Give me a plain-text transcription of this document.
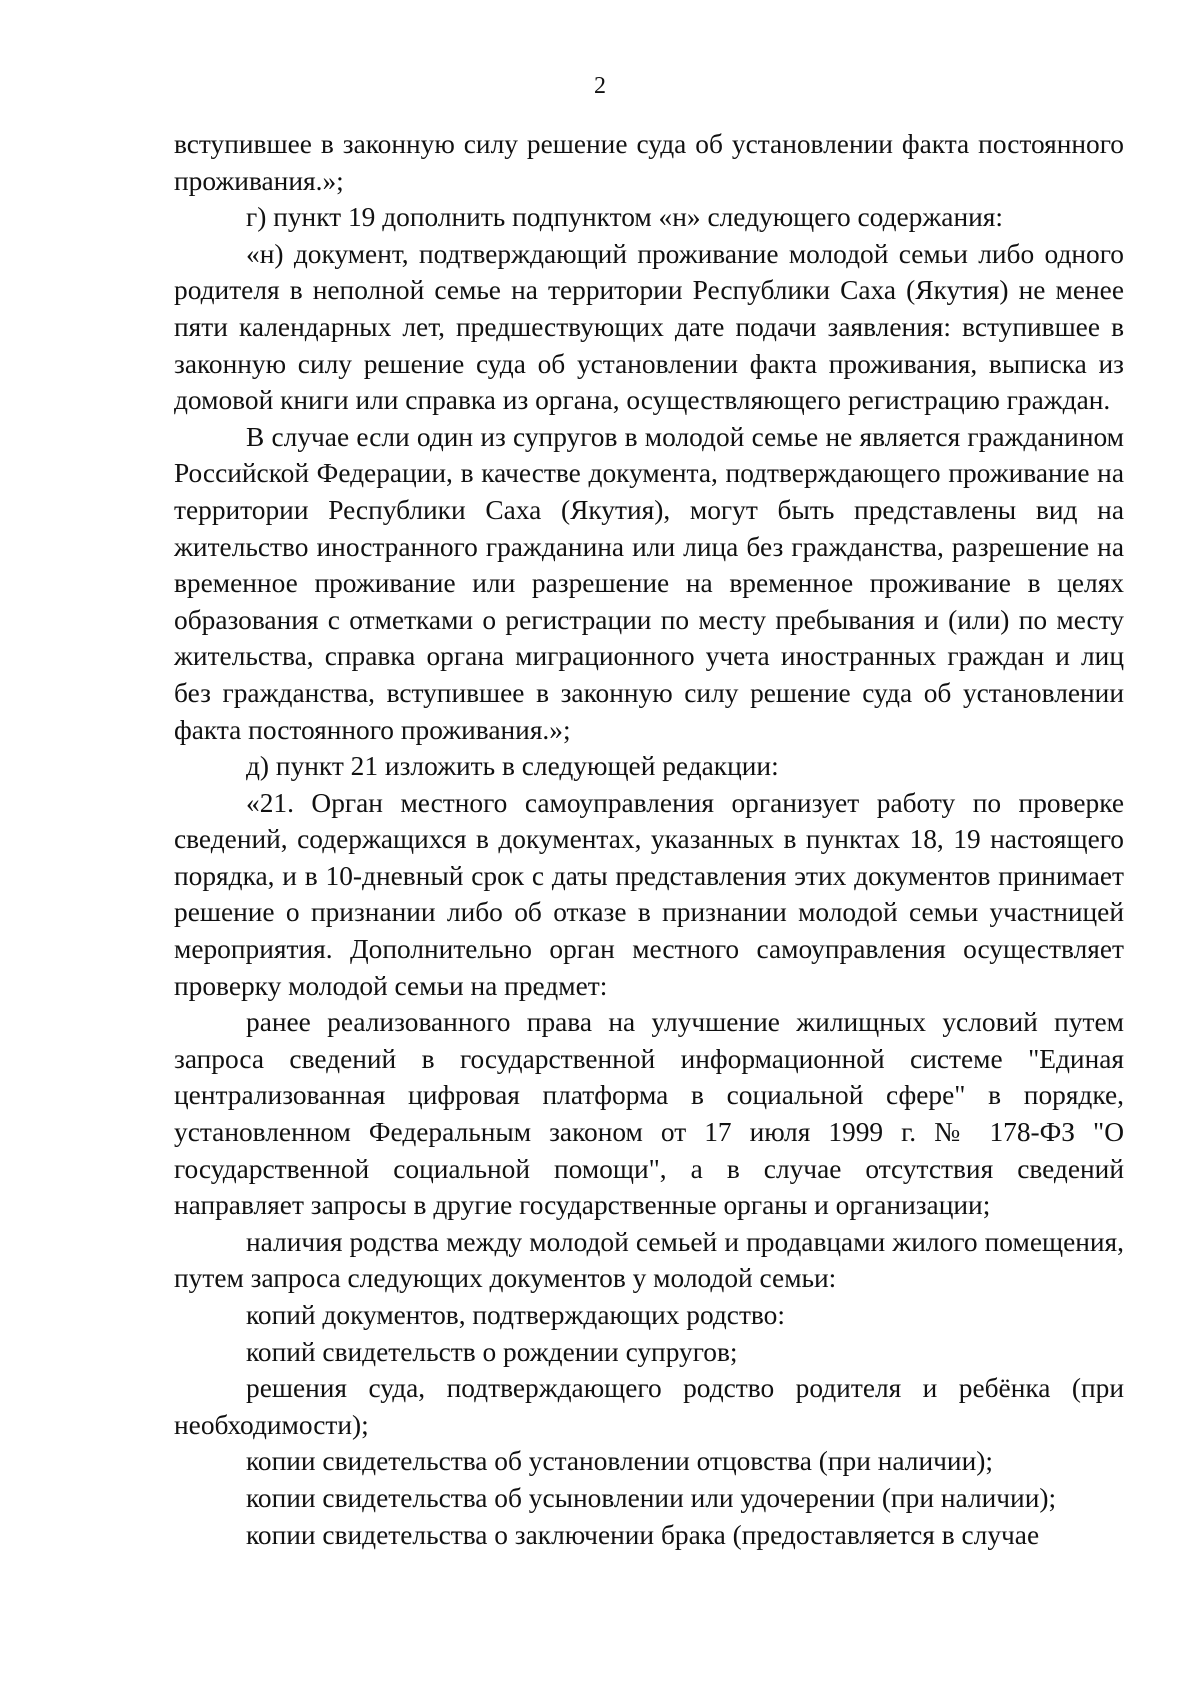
2

вступившее в законную силу решение суда об установлении факта постоянного проживания.»;

г) пункт 19 дополнить подпунктом «н» следующего содержания:

«н) документ, подтверждающий проживание молодой семьи либо одного родителя в неполной семье на территории Республики Саха (Якутия) не менее пяти календарных лет, предшествующих дате подачи заявления: вступившее в законную силу решение суда об установлении факта проживания, выписка из домовой книги или справка из органа, осуществляющего регистрацию граждан.

В случае если один из супругов в молодой семье не является гражданином Российской Федерации, в качестве документа, подтверждающего проживание на территории Республики Саха (Якутия), могут быть представлены вид на жительство иностранного гражданина или лица без гражданства, разрешение на временное проживание или разрешение на временное проживание в целях образования с отметками о регистрации по месту пребывания и (или) по месту жительства, справка органа миграционного учета иностранных граждан и лиц без гражданства, вступившее в законную силу решение суда об установлении факта постоянного проживания.»;

д) пункт 21 изложить в следующей редакции:

«21. Орган местного самоуправления организует работу по проверке сведений, содержащихся в документах, указанных в пунктах 18, 19 настоящего порядка, и в 10-дневный срок с даты представления этих документов принимает решение о признании либо об отказе в признании молодой семьи участницей мероприятия. Дополнительно орган местного самоуправления осуществляет проверку молодой семьи на предмет:

ранее реализованного права на улучшение жилищных условий путем запроса сведений в государственной информационной системе "Единая централизованная цифровая платформа в социальной сфере" в порядке, установленном Федеральным законом от 17 июля 1999 г. № 178-ФЗ "О государственной социальной помощи", а в случае отсутствия сведений направляет запросы в другие государственные органы и организации;

наличия родства между молодой семьей и продавцами жилого помещения, путем запроса следующих документов у молодой семьи:

копий документов, подтверждающих родство:

копий свидетельств о рождении супругов;

решения суда, подтверждающего родство родителя и ребёнка (при необходимости);

копии свидетельства об установлении отцовства (при наличии);

копии свидетельства об усыновлении или удочерении (при наличии);

копии свидетельства о заключении брака (предоставляется в случае
